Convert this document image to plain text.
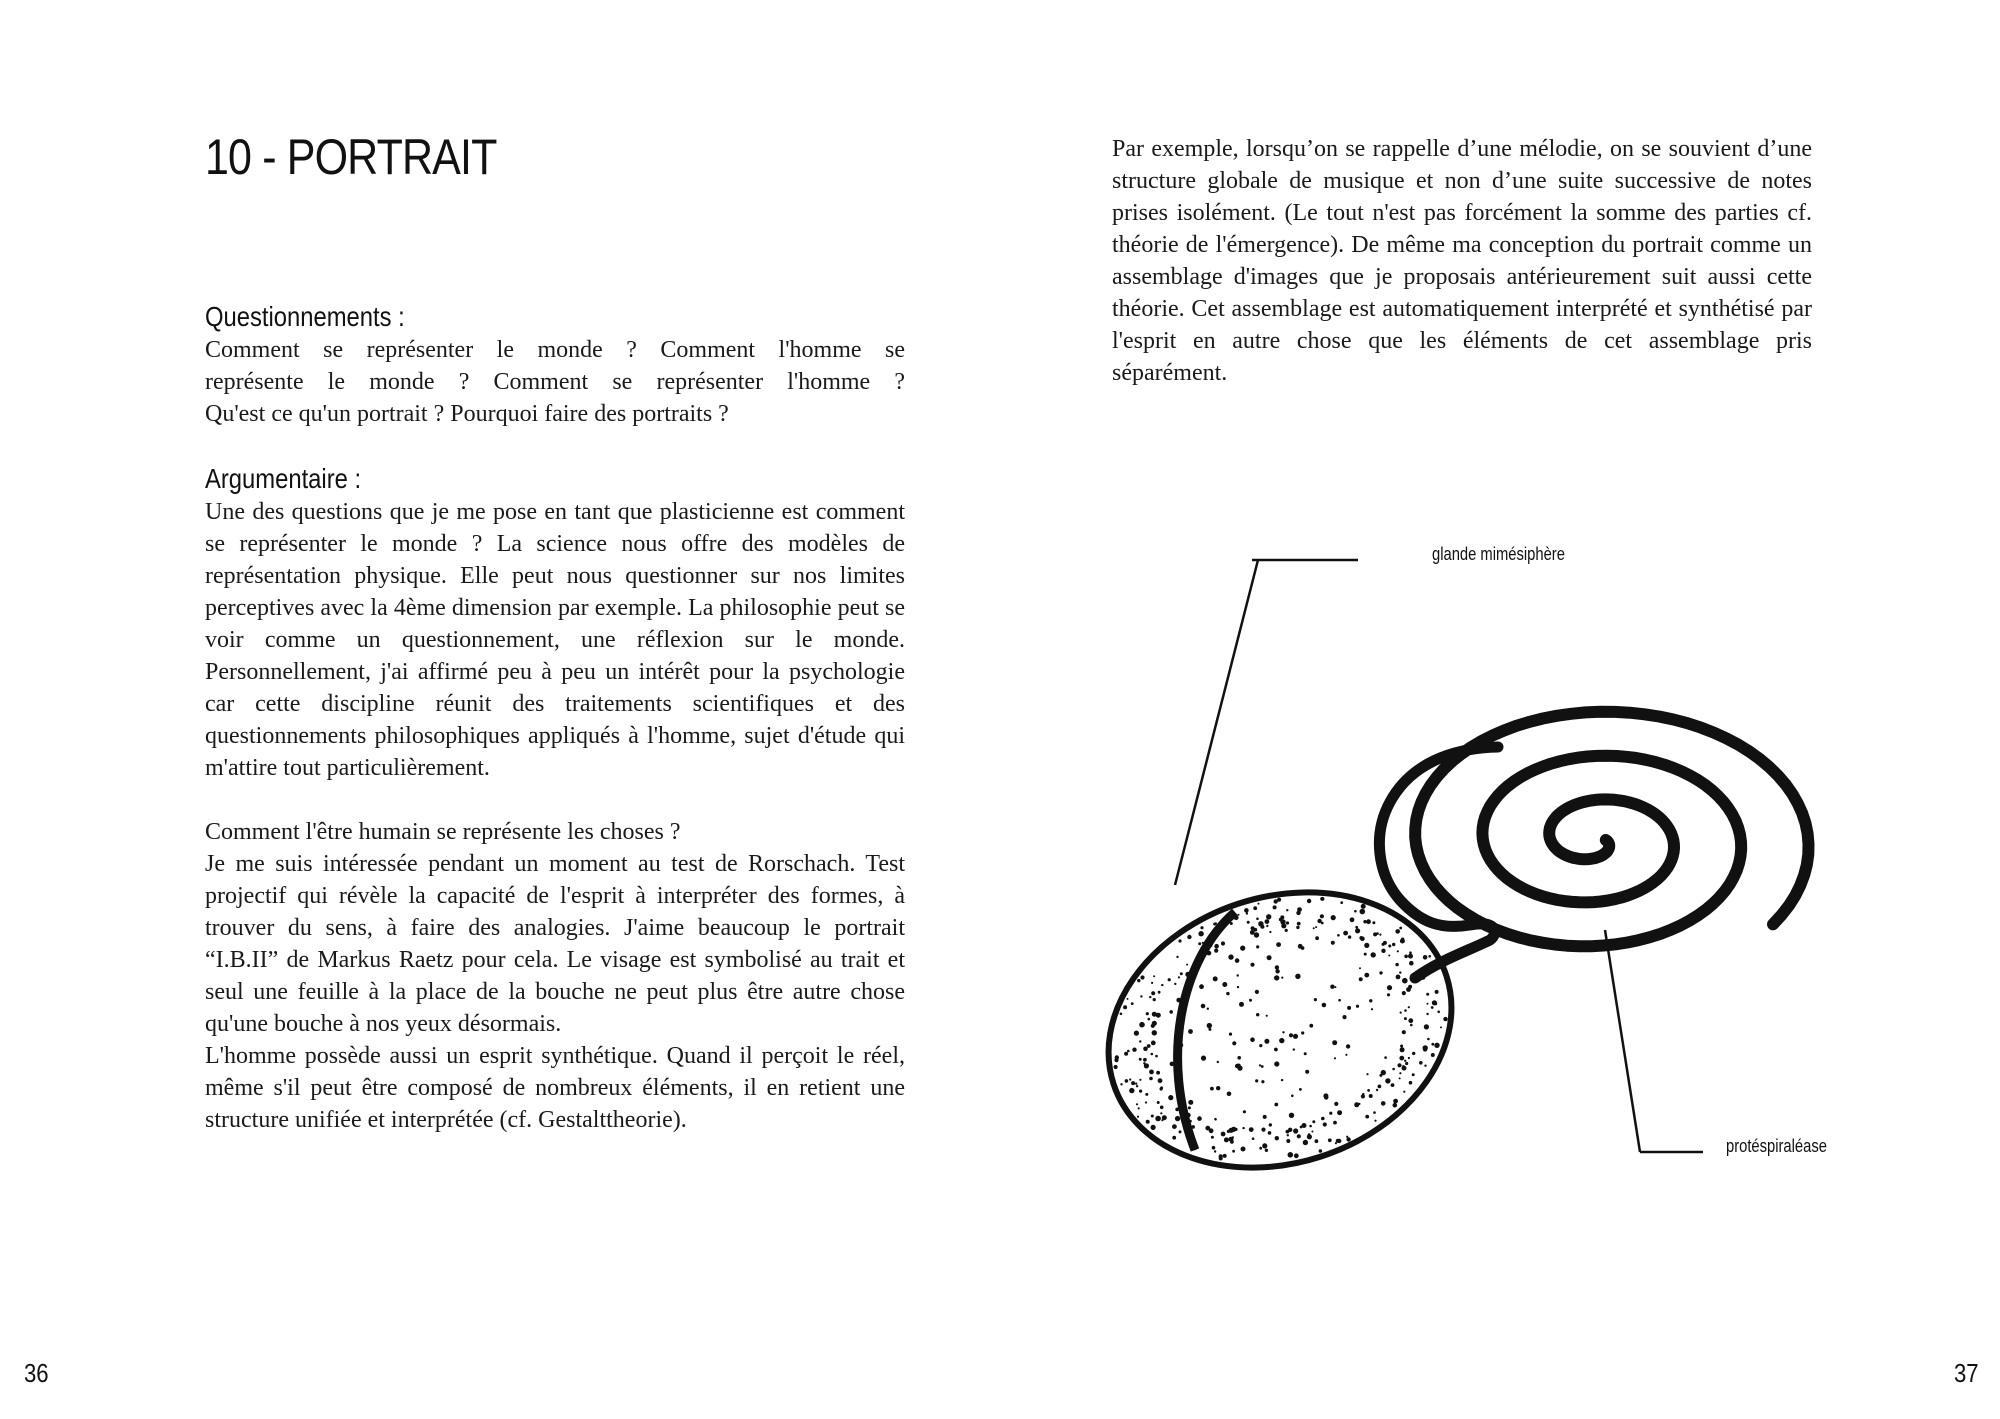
10 - PORTRAIT
Questionnements :

Comment se représenter le monde ? Comment l'homme se

représente le monde ? Comment se représenter l'homme ?

Qu'est ce qu'un portrait ? Pourquoi faire des portraits ?

Argumentaire :

Une des questions que je me pose en tant que plasticienne est comment se représenter le monde ? La science nous offre des modèles de représentation physique. Elle peut nous questionner sur nos limites perceptives avec la 4ème dimension par exemple. La philosophie peut se voir comme un questionnement, une réflexion sur le monde. Personnellement, j'ai affirmé peu à peu un intérêt pour la psychologie car cette discipline réunit des traitements scientifiques et des questionnements philosophiques appliqués à l'homme, sujet d'étude qui m'attire tout particulièrement.

Comment l'être humain se représente les choses ?

Je me suis intéressée pendant un moment au test de Rorschach. Test projectif qui révèle la capacité de l'esprit à interpréter des formes, à trouver du sens, à faire des analogies. J'aime beaucoup le portrait “I.B.II” de Markus Raetz pour cela. Le visage est symbolisé au trait et seul une feuille à la place de la bouche ne peut plus être autre chose qu'une bouche à nos yeux désormais.

L'homme possède aussi un esprit synthétique. Quand il perçoit le réel, même s'il peut être composé de nombreux éléments, il en retient une structure unifiée et interprétée (cf. Gestalttheorie).

36	37

Par exemple, lorsqu’on se rappelle d’une mélodie, on se souvient d’une structure globale de musique et non d’une suite successive de notes prises isolément. (Le tout n'est pas forcément la somme des parties cf. théorie de l'émergence). De même ma conception du portrait comme un assemblage d'images que je proposais antérieurement suit aussi cette théorie. Cet assemblage est automatiquement interprété et synthétisé par l'esprit en autre chose que les éléments de cet assemblage pris séparément.

glande mimésiphère
protéspiraléase
